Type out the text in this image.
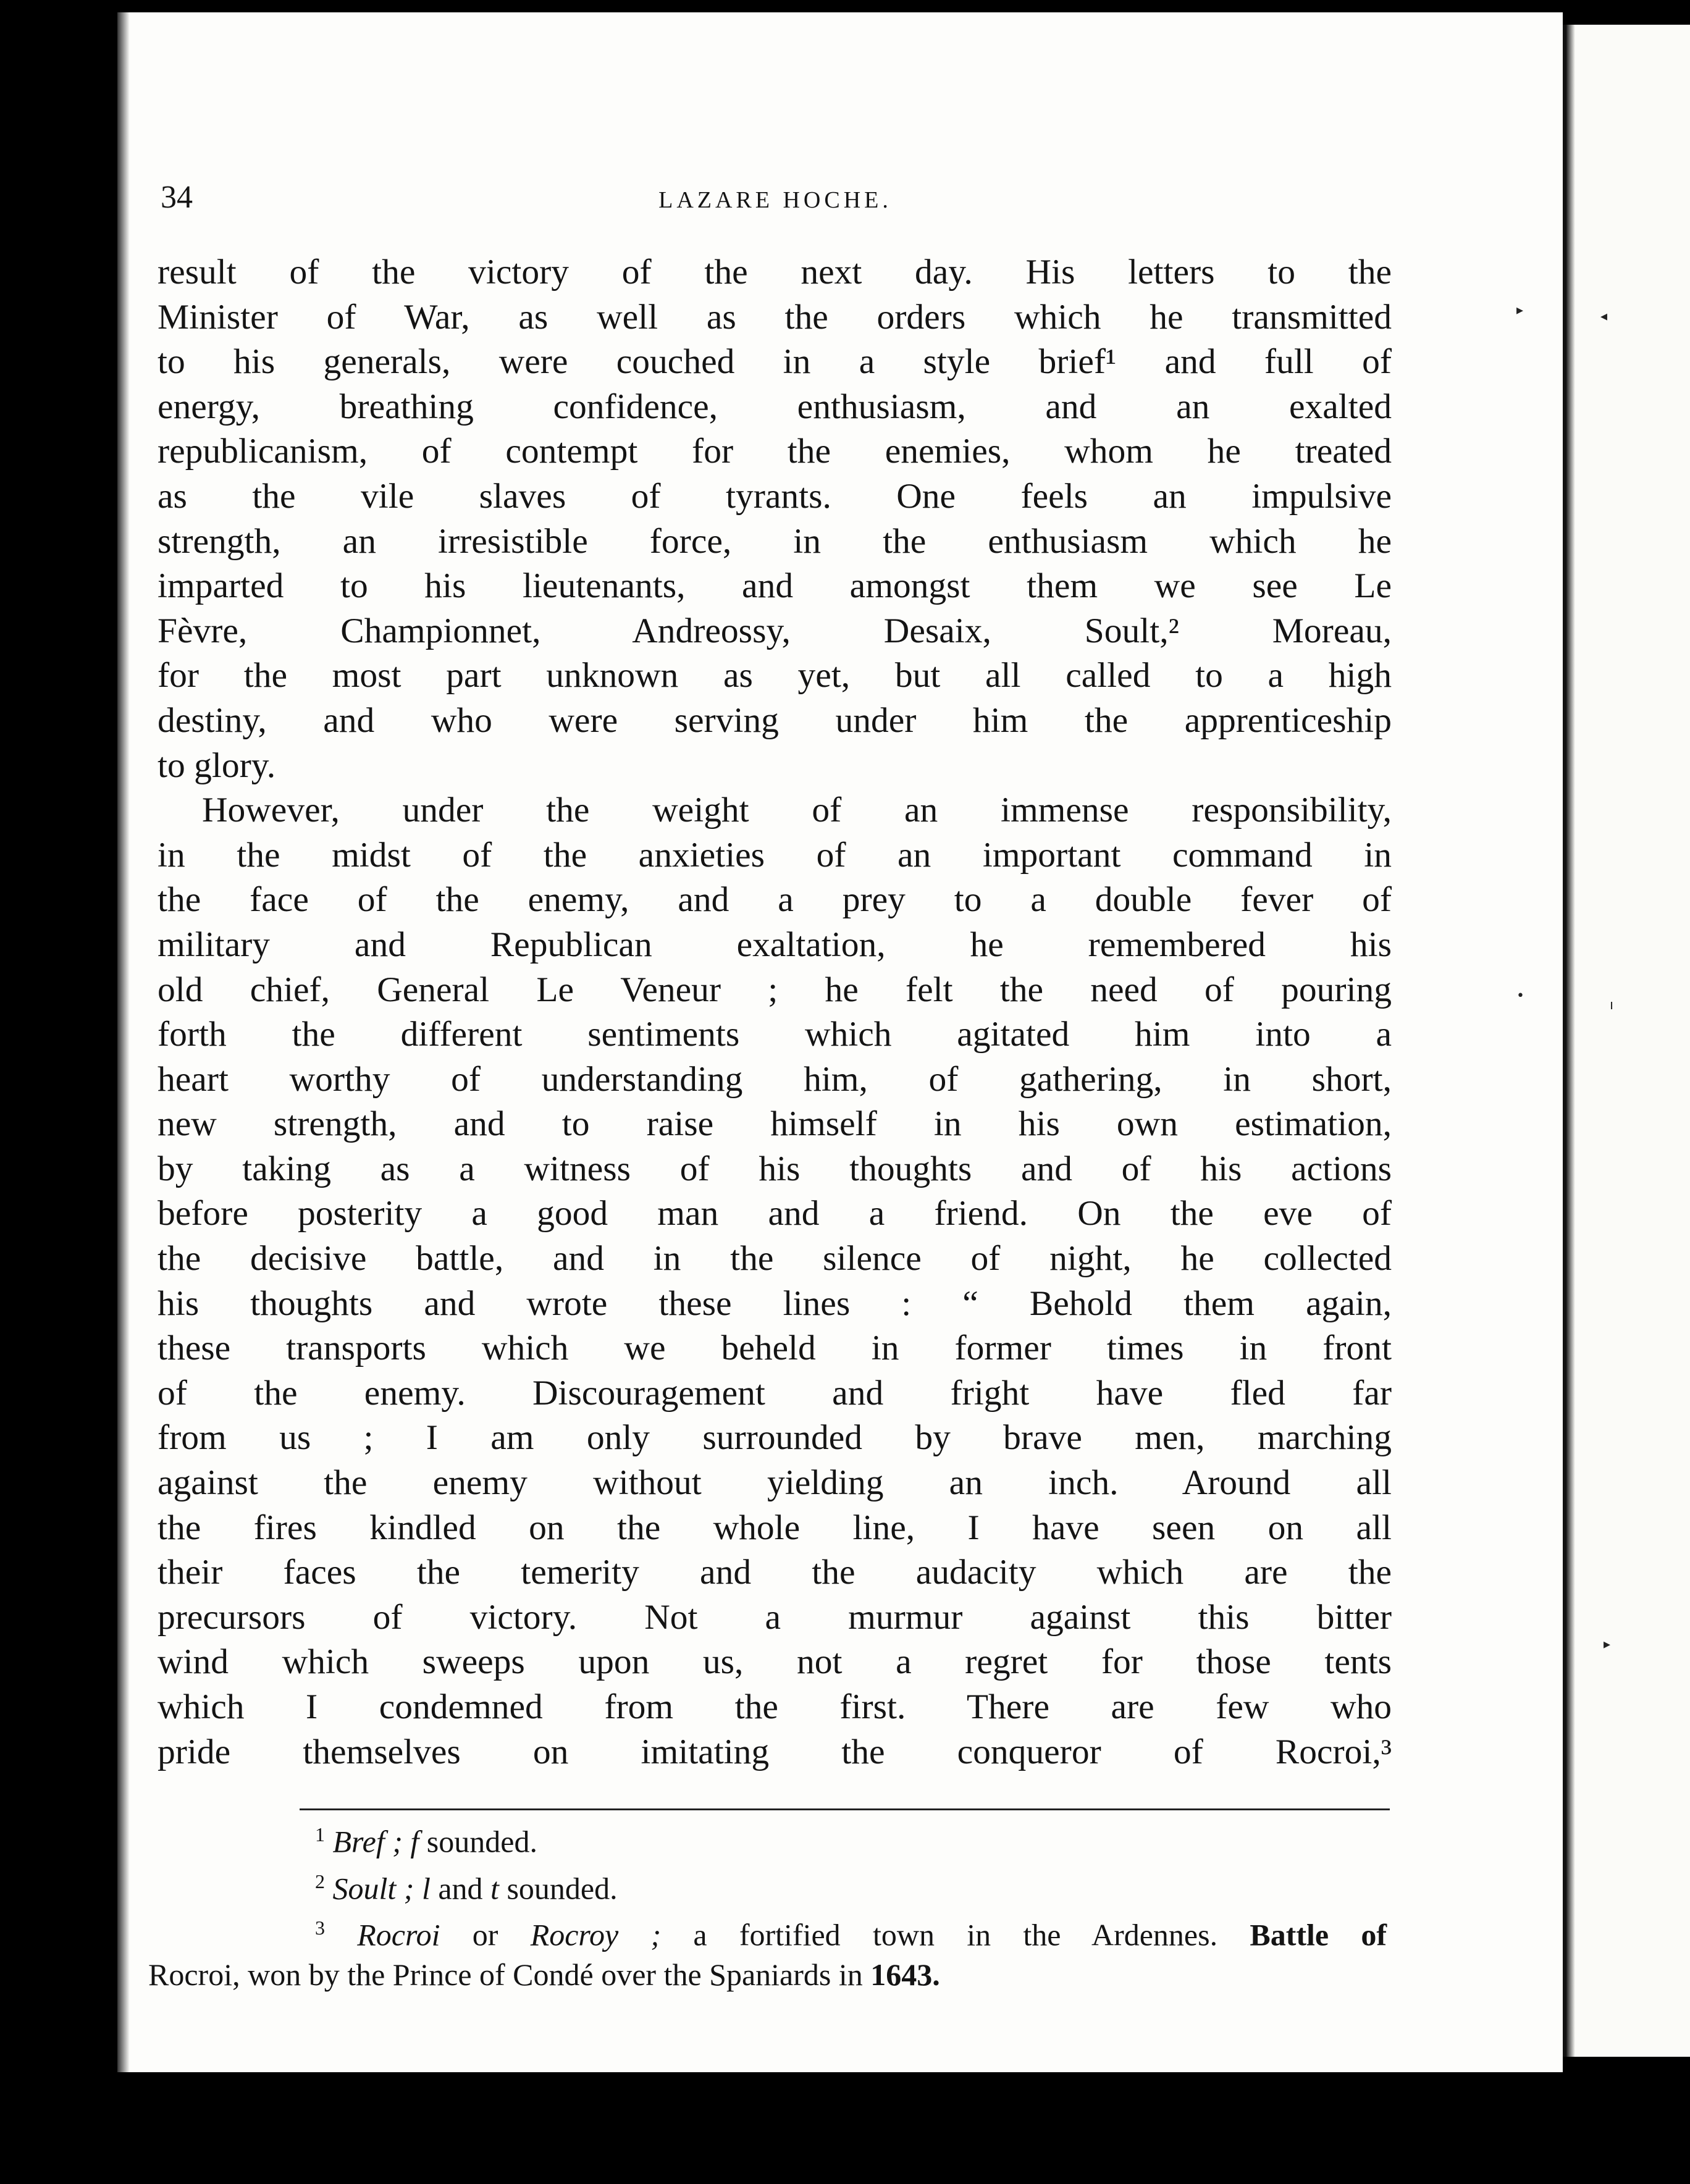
◂
ı
▸
▸
•
34	LAZARE HOCHE.
result of the victory of the next day. His letters to the
Minister of War, as well as the orders which he transmitted
to his generals, were couched in a style brief¹ and full of
energy, breathing confidence, enthusiasm, and an exalted
republicanism, of contempt for the enemies, whom he treated
as the vile slaves of tyrants. One feels an impulsive
strength, an irresistible force, in the enthusiasm which he
imparted to his lieutenants, and amongst them we see Le
Fèvre, Championnet, Andreossy, Desaix, Soult,² Moreau,
for the most part unknown as yet, but all called to a high
destiny, and who were serving under him the apprenticeship
to glory.
However, under the weight of an immense responsibility,
in the midst of the anxieties of an important command in
the face of the enemy, and a prey to a double fever of
military and Republican exaltation, he remembered his
old chief, General Le Veneur ; he felt the need of pouring
forth the different sentiments which agitated him into a
heart worthy of understanding him, of gathering, in short,
new strength, and to raise himself in his own estimation,
by taking as a witness of his thoughts and of his actions
before posterity a good man and a friend. On the eve of
the decisive battle, and in the silence of night, he collected
his thoughts and wrote these lines : “ Behold them again,
these transports which we beheld in former times in front
of the enemy. Discouragement and fright have fled far
from us ; I am only surrounded by brave men, marching
against the enemy without yielding an inch. Around all
the fires kindled on the whole line, I have seen on all
their faces the temerity and the audacity which are the
precursors of victory. Not a murmur against this bitter
wind which sweeps upon us, not a regret for those tents
which I condemned from the first. There are few who
pride themselves on imitating the conqueror of Rocroi,³
$^1$ Bref ; f sounded.
$^2$ Soult ; l and t sounded.
$^3$ Rocroi or Rocroy ; a fortified town in the Ardennes. Battle of
Rocroi, won by the Prince of Condé over the Spaniards in 1643.
